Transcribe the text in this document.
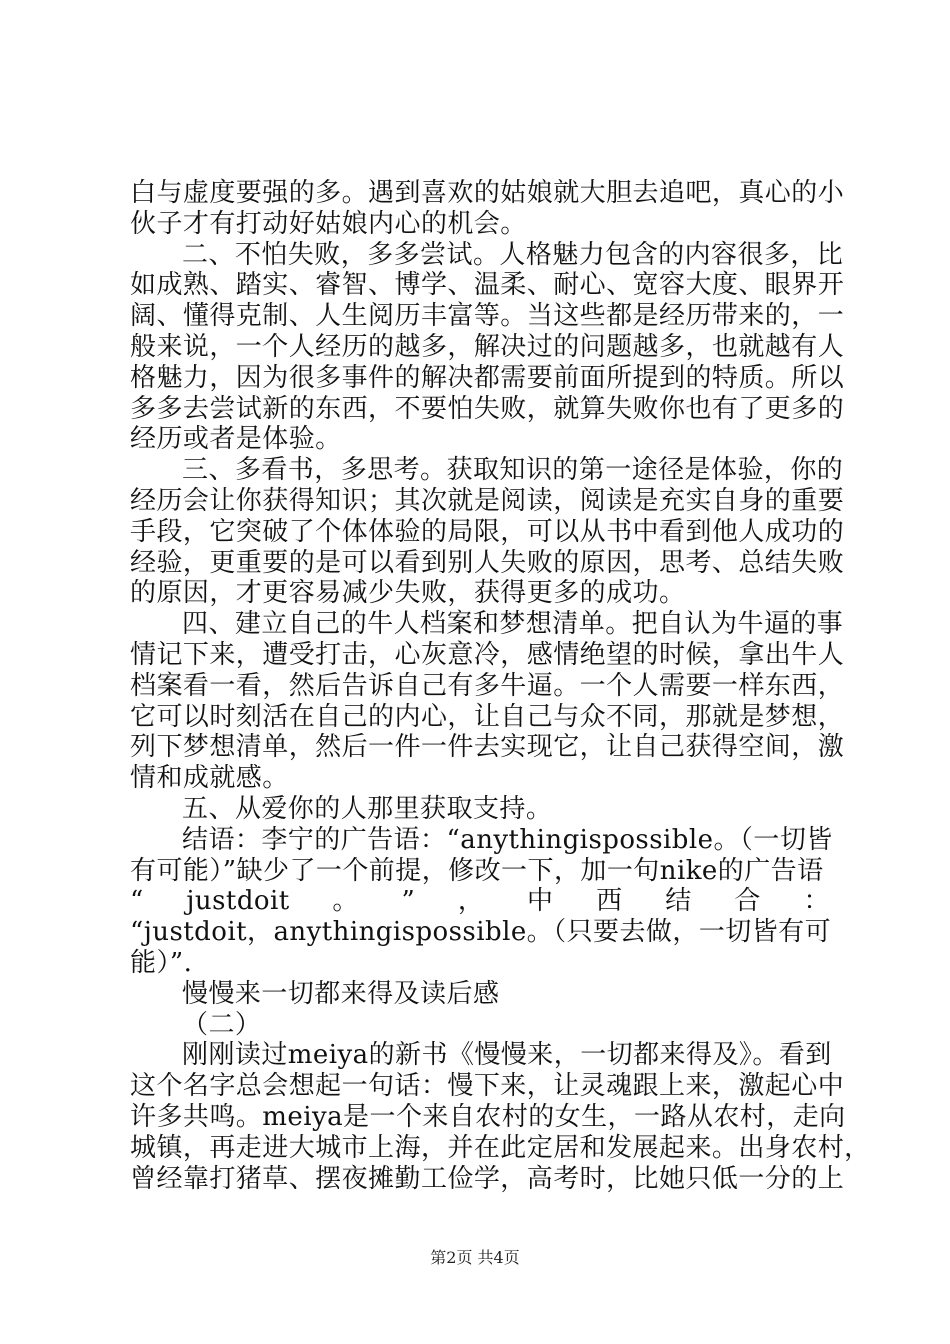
白与虚度要强的多。遇到喜欢的姑娘就大胆去追吧，真心的小
伙子才有打动好姑娘内心的机会。
二、不怕失败，多多尝试。人格魅力包含的内容很多，比
如成熟、踏实、睿智、博学、温柔、耐心、宽容大度、眼界开
阔、懂得克制、人生阅历丰富等。当这些都是经历带来的，一
般来说，一个人经历的越多，解决过的问题越多，也就越有人
格魅力，因为很多事件的解决都需要前面所提到的特质。所以
多多去尝试新的东西，不要怕失败，就算失败你也有了更多的
经历或者是体验。
三、多看书，多思考。获取知识的第一途径是体验，你的
经历会让你获得知识；其次就是阅读，阅读是充实自身的重要
手段，它突破了个体体验的局限，可以从书中看到他人成功的
经验，更重要的是可以看到别人失败的原因，思考、总结失败
的原因，才更容易减少失败，获得更多的成功。
四、建立自己的牛人档案和梦想清单。把自认为牛逼的事
情记下来，遭受打击，心灰意冷，感情绝望的时候，拿出牛人
档案看一看，然后告诉自己有多牛逼。一个人需要一样东西，
它可以时刻活在自己的内心，让自己与众不同，那就是梦想，
列下梦想清单，然后一件一件去实现它，让自己获得空间，激
情和成就感。
五、从爱你的人那里获取支持。
结语：李宁的广告语：“anythingispossible。（一切皆
有可能）”缺少了一个前提，修改一下，加一句nike的广告语
“ justdoit 。 ” ， 中 西 结 合 ：
“justdoit，anythingispossible。（只要去做，一切皆有可
能）”.
慢慢来一切都来得及读后感
（二）
刚刚读过meiya的新书《慢慢来，一切都来得及》。看到
这个名字总会想起一句话：慢下来，让灵魂跟上来，激起心中
许多共鸣。meiya是一个来自农村的女生，一路从农村，走向
城镇，再走进大城市上海，并在此定居和发展起来。出身农村，
曾经靠打猪草、摆夜摊勤工俭学，高考时，比她只低一分的上
第2页 共4页
